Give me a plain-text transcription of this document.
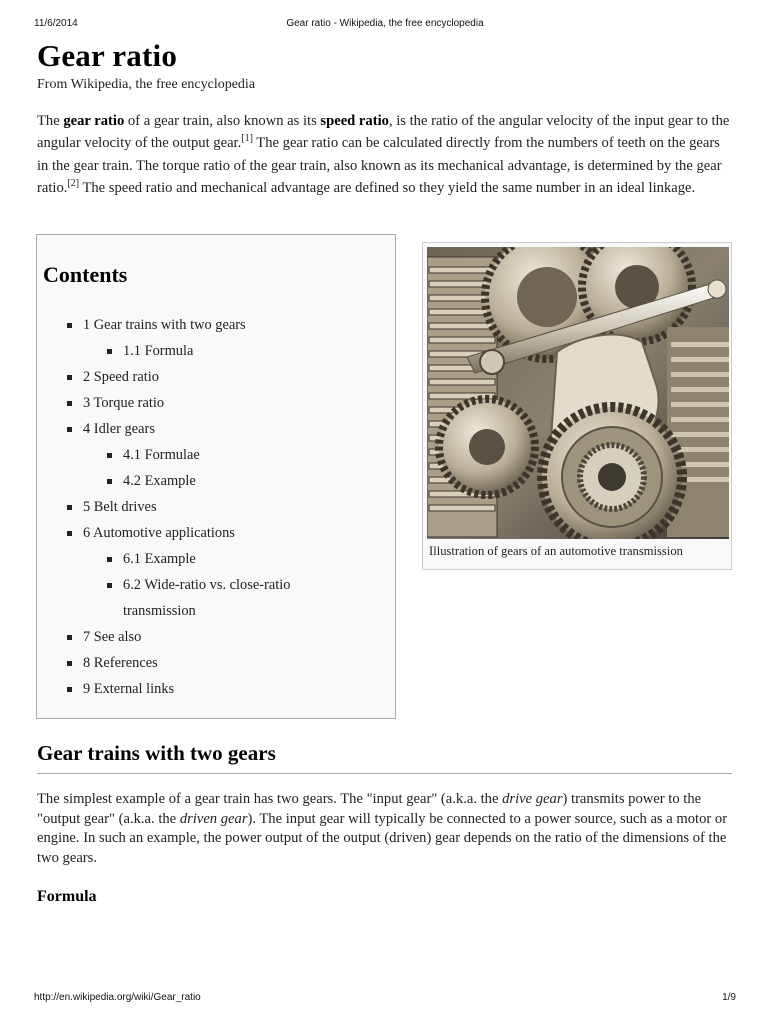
11/6/2014	Gear ratio - Wikipedia, the free encyclopedia
Gear ratio
From Wikipedia, the free encyclopedia

The gear ratio of a gear train, also known as its speed ratio, is the ratio of the angular velocity of the input gear to the angular velocity of the output gear.[1] The gear ratio can be calculated directly from the numbers of teeth on the gears in the gear train. The torque ratio of the gear train, also known as its mechanical advantage, is determined by the gear ratio.[2] The speed ratio and mechanical advantage are defined so they yield the same number in an ideal linkage.

Contents
1 Gear trains with two gears
1.1 Formula
2 Speed ratio
3 Torque ratio
4 Idler gears
4.1 Formulae
4.2 Example
5 Belt drives
6 Automotive applications
6.1 Example
6.2 Wide-ratio vs. close-ratio transmission
7 See also
8 References
9 External links
Illustration of gears of an automotive transmission
Gear trains with two gears

The simplest example of a gear train has two gears. The "input gear" (a.k.a. the drive gear) transmits power to the "output gear" (a.k.a. the driven gear). The input gear will typically be connected to a power source, such as a motor or engine. In such an example, the power output of the output (driven) gear depends on the ratio of the dimensions of the two gears.

Formula
http://en.wikipedia.org/wiki/Gear_ratio	1/9
